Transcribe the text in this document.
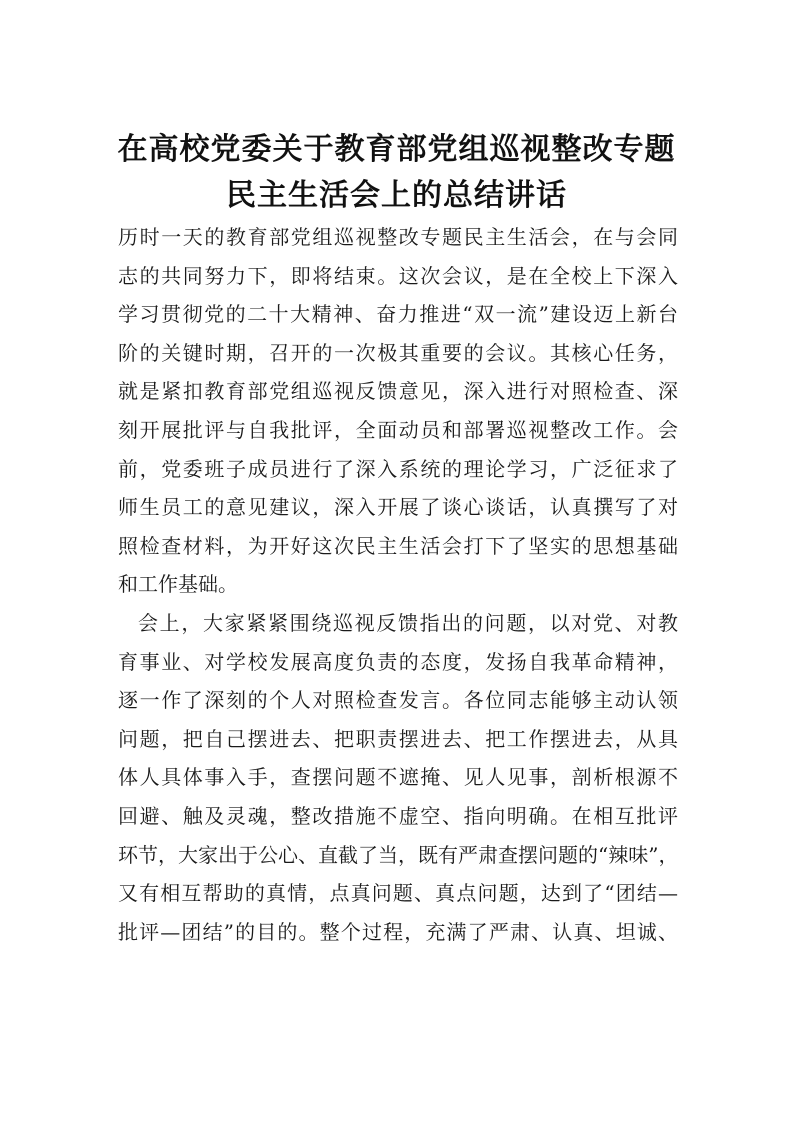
在高校党委关于教育部党组巡视整改专题
民主生活会上的总结讲话
历时一天的教育部党组巡视整改专题民主生活会，在与会同
志的共同努力下，即将结束。这次会议，是在全校上下深入
学习贯彻党的二十大精神、奋力推进“双一流”建设迈上新台
阶的关键时期，召开的一次极其重要的会议。其核心任务，
就是紧扣教育部党组巡视反馈意见，深入进行对照检查、深
刻开展批评与自我批评，全面动员和部署巡视整改工作。会
前，党委班子成员进行了深入系统的理论学习，广泛征求了
师生员工的意见建议，深入开展了谈心谈话，认真撰写了对
照检查材料，为开好这次民主生活会打下了坚实的思想基础
和工作基础。
会上，大家紧紧围绕巡视反馈指出的问题，以对党、对教
育事业、对学校发展高度负责的态度，发扬自我革命精神，
逐一作了深刻的个人对照检查发言。各位同志能够主动认领
问题，把自己摆进去、把职责摆进去、把工作摆进去，从具
体人具体事入手，查摆问题不遮掩、见人见事，剖析根源不
回避、触及灵魂，整改措施不虚空、指向明确。在相互批评
环节，大家出于公心、直截了当，既有严肃查摆问题的“辣味”，
又有相互帮助的真情，点真问题、真点问题，达到了“团结—
批评—团结”的目的。整个过程，充满了严肃、认真、坦诚、
